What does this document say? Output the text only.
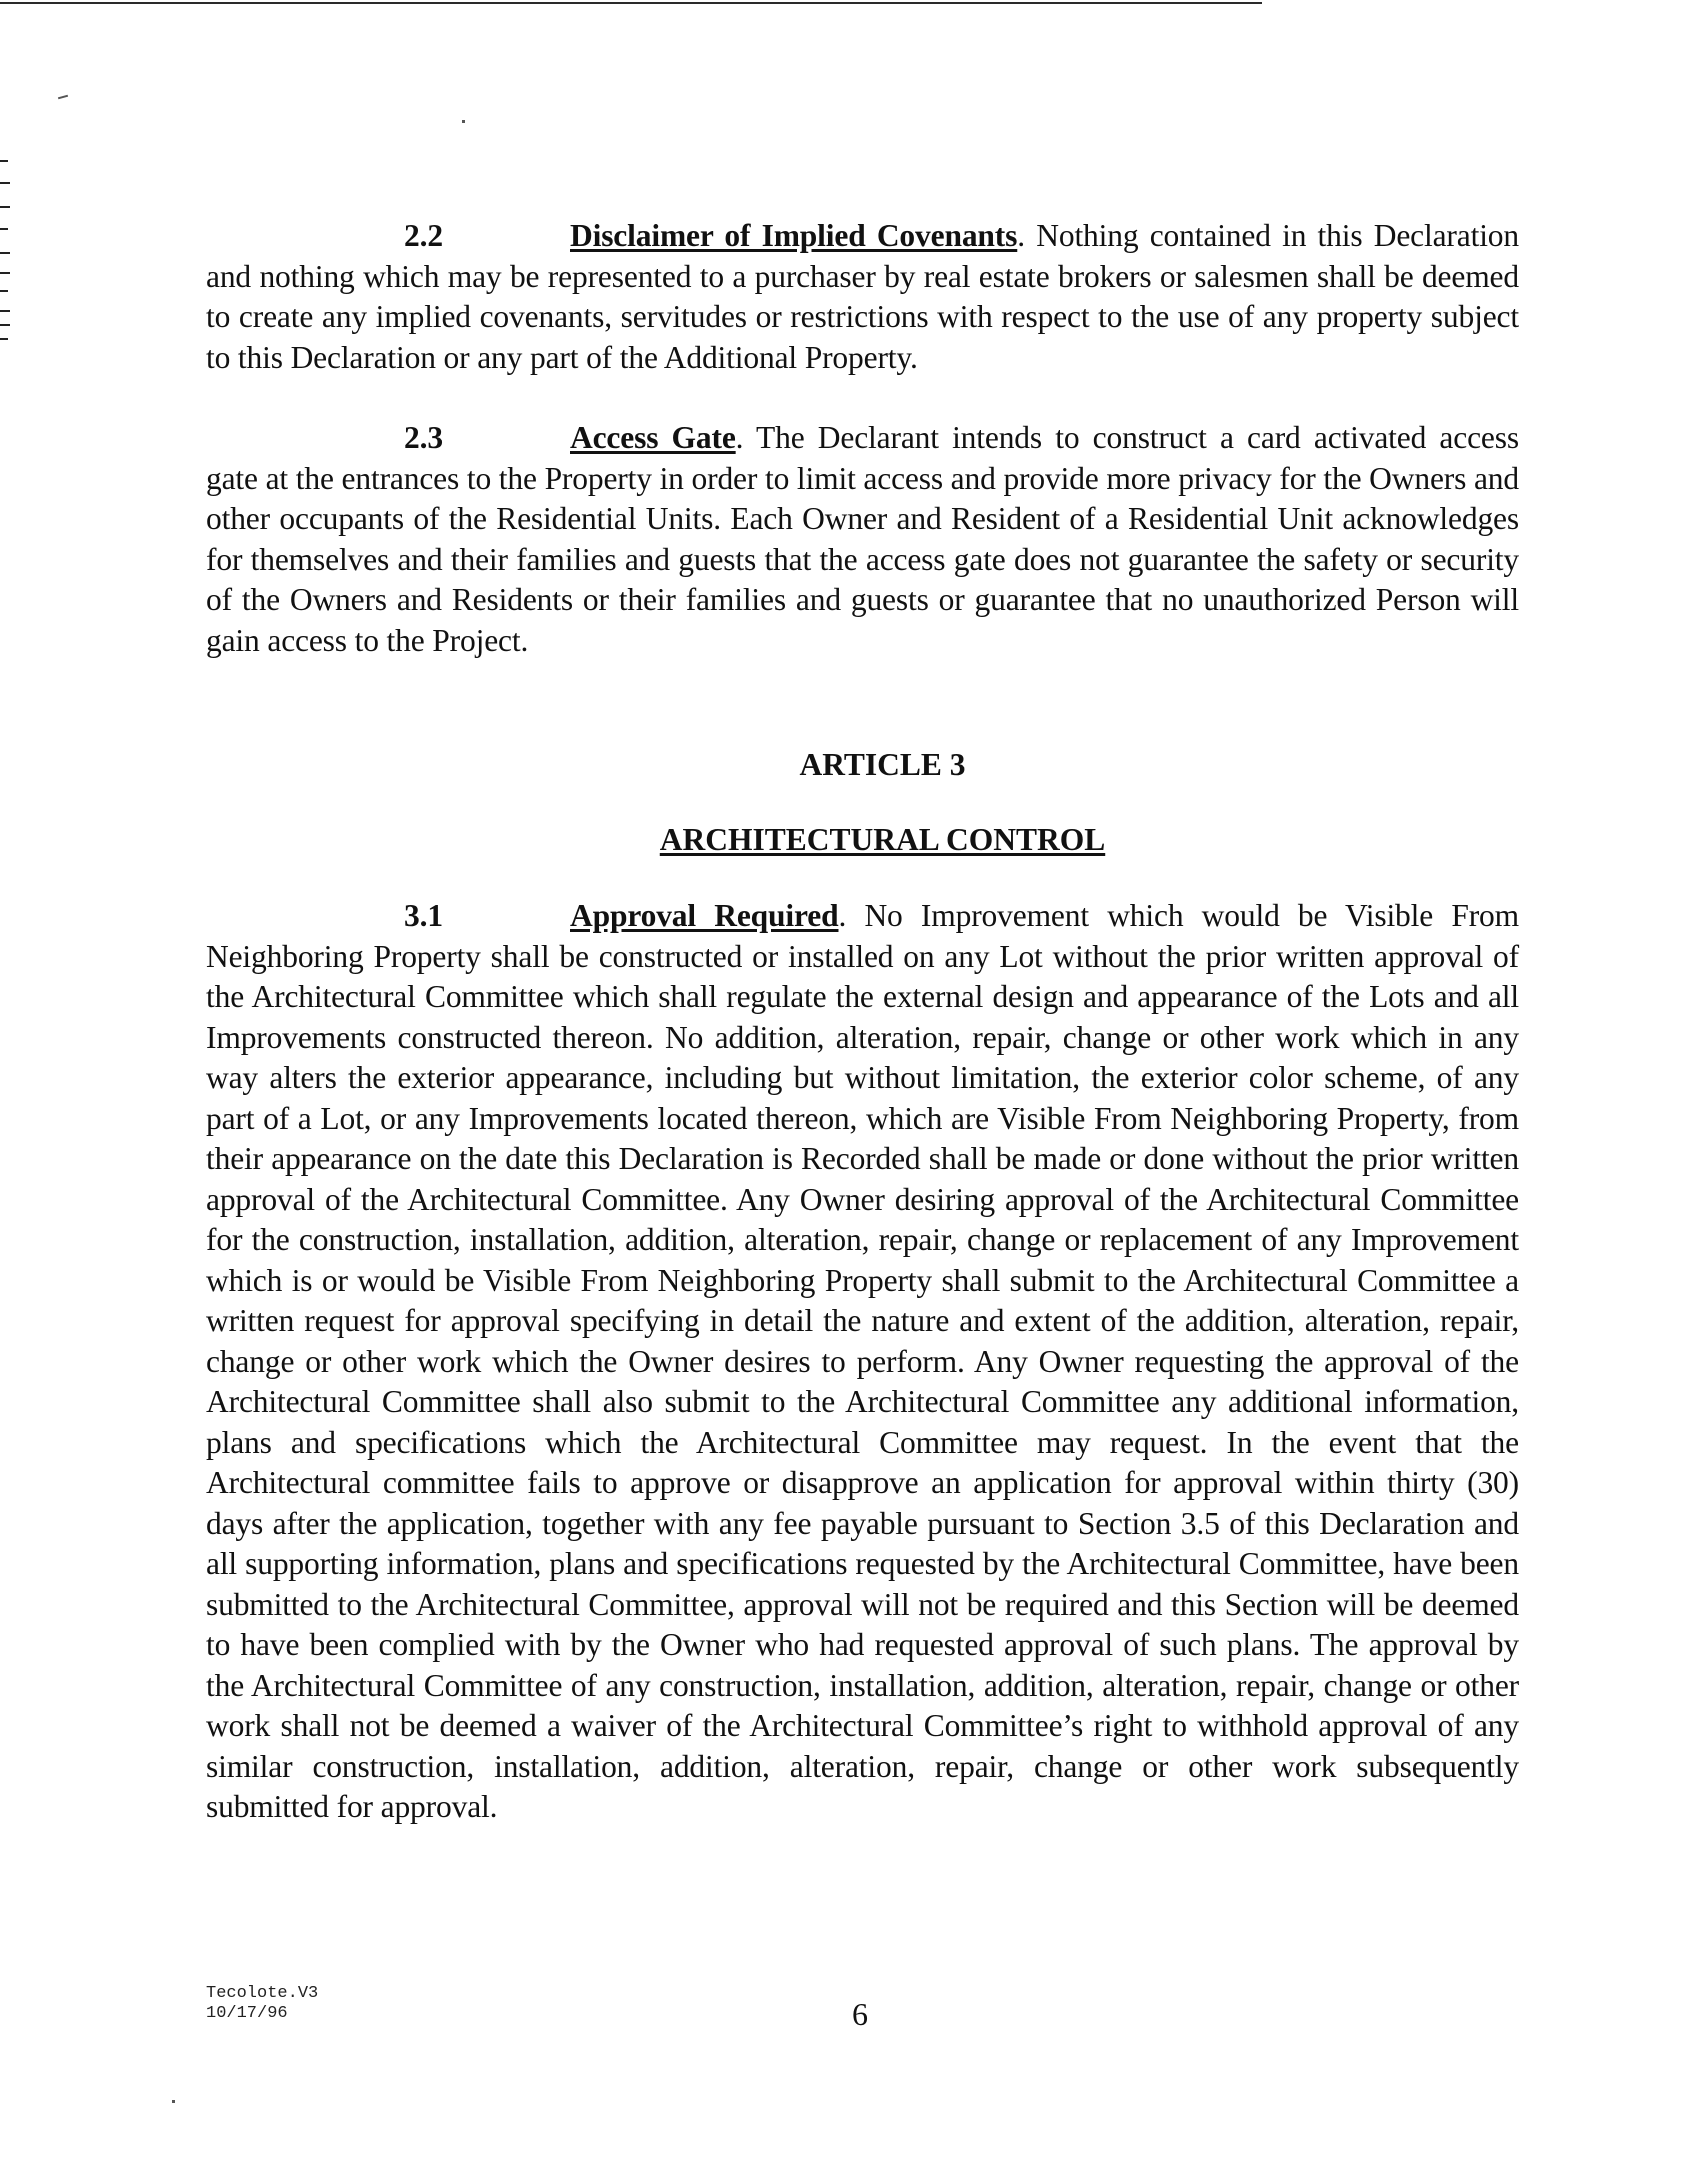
2.2	Disclaimer of Implied Covenants. Nothing contained in this Declaration and nothing which may be represented to a purchaser by real estate brokers or salesmen shall be deemed to create any implied covenants, servitudes or restrictions with respect to the use of any property subject to this Declaration or any part of the Additional Property.

2.3	Access Gate. The Declarant intends to construct a card activated access gate at the entrances to the Property in order to limit access and provide more privacy for the Owners and other occupants of the Residential Units. Each Owner and Resident of a Residential Unit acknowledges for themselves and their families and guests that the access gate does not guarantee the safety or security of the Owners and Residents or their families and guests or guarantee that no unauthorized Person will gain access to the Project.

ARTICLE 3

ARCHITECTURAL CONTROL

3.1	Approval Required. No Improvement which would be Visible From Neighboring Property shall be constructed or installed on any Lot without the prior written approval of the Architectural Committee which shall regulate the external design and appearance of the Lots and all Improvements constructed thereon. No addition, alteration, repair, change or other work which in any way alters the exterior appearance, including but without limitation, the exterior color scheme, of any part of a Lot, or any Improvements located thereon, which are Visible From Neighboring Property, from their appearance on the date this Declaration is Recorded shall be made or done without the prior written approval of the Architectural Committee. Any Owner desiring approval of the Architectural Committee for the construction, installation, addition, alteration, repair, change or replacement of any Improvement which is or would be Visible From Neighboring Property shall submit to the Architectural Committee a written request for approval specifying in detail the nature and extent of the addition, alteration, repair, change or other work which the Owner desires to perform. Any Owner requesting the approval of the Architectural Committee shall also submit to the Architectural Committee any additional information, plans and specifications which the Architectural Committee may request. In the event that the Architectural committee fails to approve or disapprove an application for approval within thirty (30) days after the application, together with any fee payable pursuant to Section 3.5 of this Declaration and all supporting information, plans and specifications requested by the Architectural Committee, have been submitted to the Architectural Committee, approval will not be required and this Section will be deemed to have been complied with by the Owner who had requested approval of such plans. The approval by the Architectural Committee of any construction, installation, addition, alteration, repair, change or other work shall not be deemed a waiver of the Architectural Committee’s right to withhold approval of any similar construction, installation, addition, alteration, repair, change or other work subsequently submitted for approval.

Tecolote.V3
10/17/96	6
